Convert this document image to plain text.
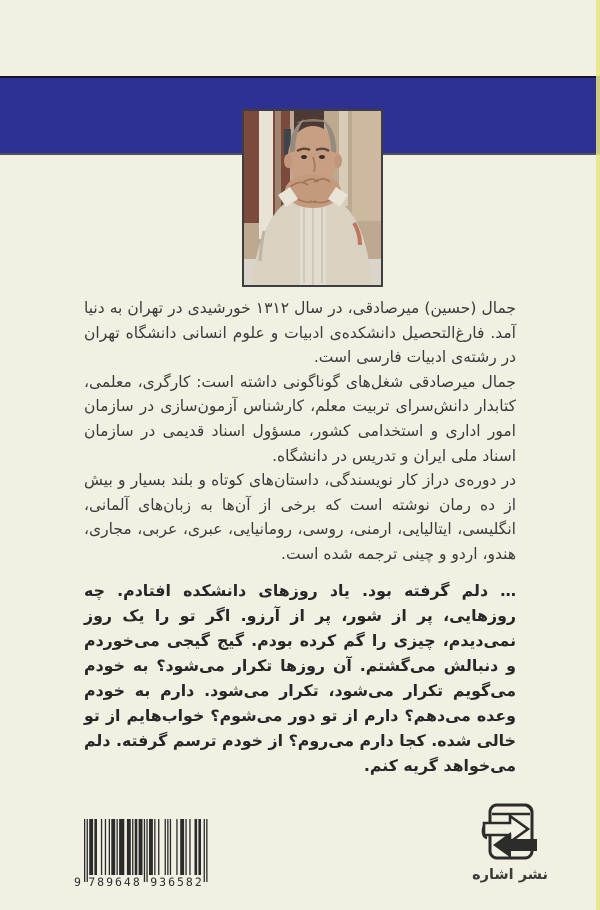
جمال (حسین) میرصادقی، در سال ۱۳۱۲ خورشیدی در تهران به دنیا آمد. فارغ‌التحصیل دانشکده‌ی ادبیات و علوم انسانی دانشگاه تهران در رشته‌ی ادبیات فارسی است.

جمال میرصادقی شغل‌های گوناگونی داشته است: کارگری، معلمی، کتابدار دانش‌سرای تربیت معلم، کارشناس آزمون‌سازی در سازمان امور اداری و استخدامی کشور، مسؤول اسناد قدیمی در سازمان اسناد ملی ایران و تدریس در دانشگاه.

در دوره‌ی دراز کار نویسندگی، داستان‌های کوتاه و بلند بسیار و بیش از ده رمان نوشته است که برخی از آن‌ها به زبان‌های آلمانی، انگلیسی، ایتالیایی، ارمنی، روسی، رومانیایی، عبری، عربی، مجاری، هندو، اردو و چینی ترجمه شده است.

… دلم گرفته بود. یاد روزهای دانشکده افتادم. چه روزهایی، پر از شور، پر از آرزو. اگر تو را یک روز نمی‌دیدم، چیزی را گم کرده بودم. گیج گیجی می‌خوردم و دنبالش می‌گشتم. آن روزها تکرار می‌شود؟ به خودم می‌گویم تکرار می‌شود، تکرار می‌شود. دارم به خودم وعده می‌دهم؟ دارم از تو دور می‌شوم؟ خواب‌هایم از تو خالی شده. کجا دارم می‌روم؟ از خودم ترسم گرفته. دلم می‌خواهد گریه کنم.

9 789648 936582	نشر اشاره
